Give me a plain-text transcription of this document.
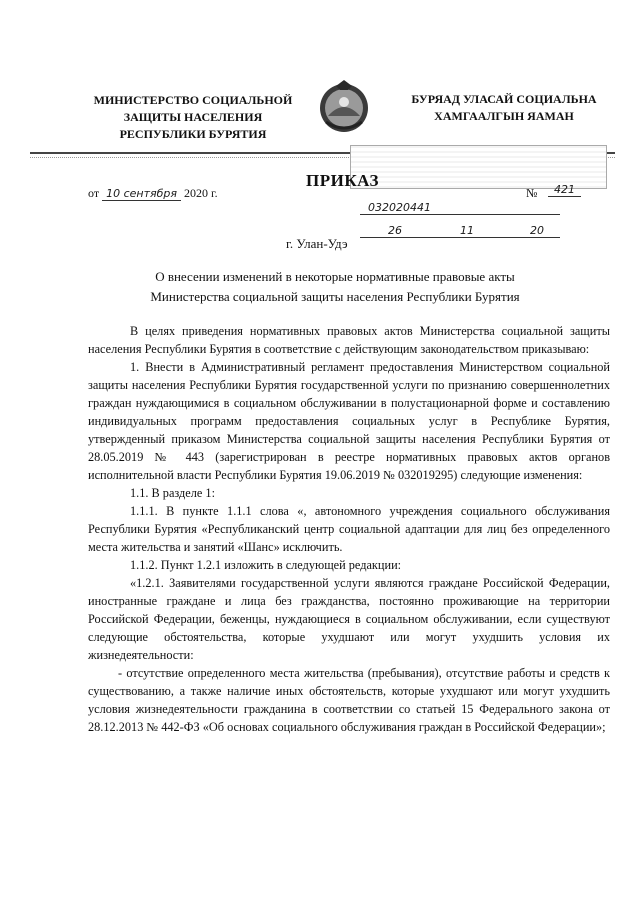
МИНИСТЕРСТВО СОЦИАЛЬНОЙ
ЗАЩИТЫ НАСЕЛЕНИЯ
РЕСПУБЛИКИ БУРЯТИЯ
БУРЯАД УЛАСАЙ СОЦИАЛЬНА
ХАМГААЛГЫН ЯАМАН
ПРИКАЗ
от 10 сентября 2020 г.	№	421
032020441
26	11	20
г. Улан-Удэ
О внесении изменений в некоторые нормативные правовые акты
Министерства социальной защиты населения Республики Бурятия

В целях приведения нормативных правовых актов Министерства социальной защиты населения Республики Бурятия в соответствие с действующим законодательством приказываю:

1. Внести в Административный регламент предоставления Министерством социальной защиты населения Республики Бурятия государственной услуги по признанию совершеннолетних граждан нуждающимися в социальном обслуживании в полустационарной форме и составлению индивидуальных программ предоставления социальных услуг в Республике Бурятия, утвержденный приказом Министерства социальной защиты населения Республики Бурятия от 28.05.2019 № 443 (зарегистрирован в реестре нормативных правовых актов органов исполнительной власти Республики Бурятия 19.06.2019 № 032019295) следующие изменения:

1.1. В разделе 1:

1.1.1. В пункте 1.1.1 слова «, автономного учреждения социального обслуживания Республики Бурятия «Республиканский центр социальной адаптации для лиц без определенного места жительства и занятий «Шанс» исключить.

1.1.2. Пункт 1.2.1 изложить в следующей редакции:

«1.2.1. Заявителями государственной услуги являются граждане Российской Федерации, иностранные граждане и лица без гражданства, постоянно проживающие на территории Российской Федерации, беженцы, нуждающиеся в социальном обслуживании, если существуют следующие обстоятельства, которые ухудшают или могут ухудшить условия их жизнедеятельности:

- отсутствие определенного места жительства (пребывания), отсутствие работы и средств к существованию, а также наличие иных обстоятельств, которые ухудшают или могут ухудшить условия жизнедеятельности гражданина в соответствии со статьей 15 Федерального закона от 28.12.2013 № 442-ФЗ «Об основах социального обслуживания граждан в Российской Федерации»;
